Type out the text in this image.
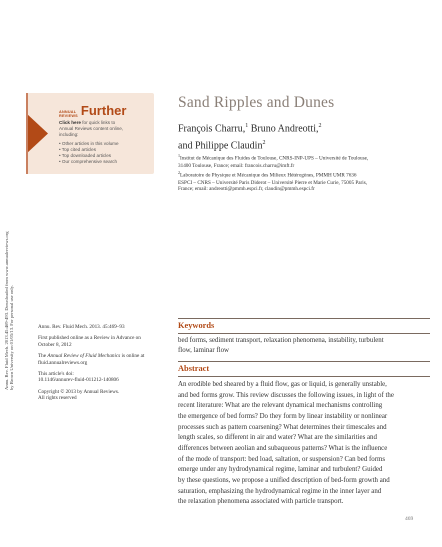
Annu. Rev. Fluid Mech. 2013.45:469-493. Downloaded from www.annualreviews.org by Brown University on 01/05/13. For personal use only.
ANNUAL
REVIEWS Further
Click here for quick links to
Annual Reviews content online,
including:
• Other articles in this volume
• Top cited articles
• Top downloaded articles
• Our comprehensive search
Sand Ripples and Dunes
François Charru,$^1$ Bruno Andreotti,$^2$
and Philippe Claudin$^2$
$^1$Institut de Mécanique des Fluides de Toulouse, CNRS-INP-UPS – Université de Toulouse,
31400 Toulouse, France; email: francois.charru@imft.fr
$^2$Laboratoire de Physique et Mécanique des Milieux Hétérogènes, PMMH UMR 7636
ESPCI – CNRS – Université Paris Diderot – Université Pierre et Marie Curie, 75005 Paris,
France; email: andreotti@pmmh.espci.fr, claudin@pmmh.espci.fr

Annu. Rev. Fluid Mech. 2013. 45:469–93

First published online as a Review in Advance on
October 8, 2012

The Annual Review of Fluid Mechanics is online at
fluid.annualreviews.org

This article's doi:
10.1146/annurev-fluid-011212-140806

Copyright © 2013 by Annual Reviews.
All rights reserved

Keywords
bed forms, sediment transport, relaxation phenomena, instability, turbulent
flow, laminar flow
Abstract
An erodible bed sheared by a fluid flow, gas or liquid, is generally unstable,
and bed forms grow. This review discusses the following issues, in light of the
recent literature: What are the relevant dynamical mechanisms controlling
the emergence of bed forms? Do they form by linear instability or nonlinear
processes such as pattern coarsening? What determines their timescales and
length scales, so different in air and water? What are the similarities and
differences between aeolian and subaqueous patterns? What is the influence
of the mode of transport: bed load, saltation, or suspension? Can bed forms
emerge under any hydrodynamical regime, laminar and turbulent? Guided
by these questions, we propose a unified description of bed-form growth and
saturation, emphasizing the hydrodynamical regime in the inner layer and
the relaxation phenomena associated with particle transport.
469
